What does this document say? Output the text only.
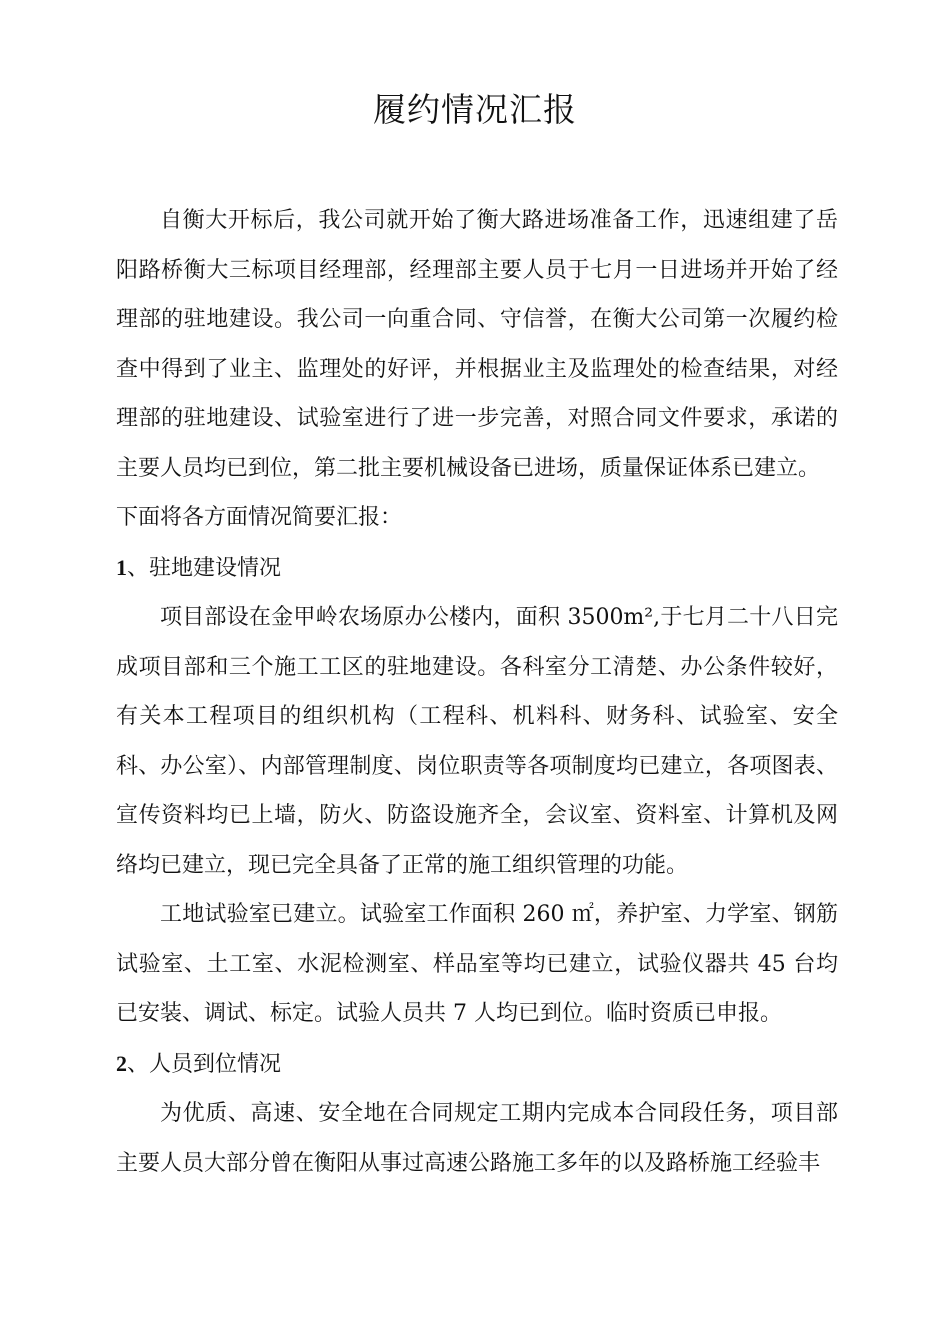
履约情况汇报

自衡大开标后，我公司就开始了衡大路进场准备工作，迅速组建了岳阳路桥衡大三标项目经理部，经理部主要人员于七月一日进场并开始了经理部的驻地建设。我公司一向重合同、守信誉，在衡大公司第一次履约检查中得到了业主、监理处的好评，并根据业主及监理处的检查结果，对经理部的驻地建设、试验室进行了进一步完善，对照合同文件要求，承诺的主要人员均已到位，第二批主要机械设备已进场，质量保证体系已建立。

下面将各方面情况简要汇报：

1、驻地建设情况

项目部设在金甲岭农场原办公楼内，面积 3500m²,于七月二十八日完成项目部和三个施工工区的驻地建设。各科室分工清楚、办公条件较好，有关本工程项目的组织机构（工程科、机料科、财务科、试验室、安全科、办公室）、内部管理制度、岗位职责等各项制度均已建立，各项图表、宣传资料均已上墙，防火、防盗设施齐全，会议室、资料室、计算机及网络均已建立，现已完全具备了正常的施工组织管理的功能。

工地试验室已建立。试验室工作面积 260 ㎡，养护室、力学室、钢筋试验室、土工室、水泥检测室、样品室等均已建立，试验仪器共 45 台均已安装、调试、标定。试验人员共 7 人均已到位。临时资质已申报。

2、人员到位情况

为优质、高速、安全地在合同规定工期内完成本合同段任务，项目部主要人员大部分曾在衡阳从事过高速公路施工多年的以及路桥施工经验丰
